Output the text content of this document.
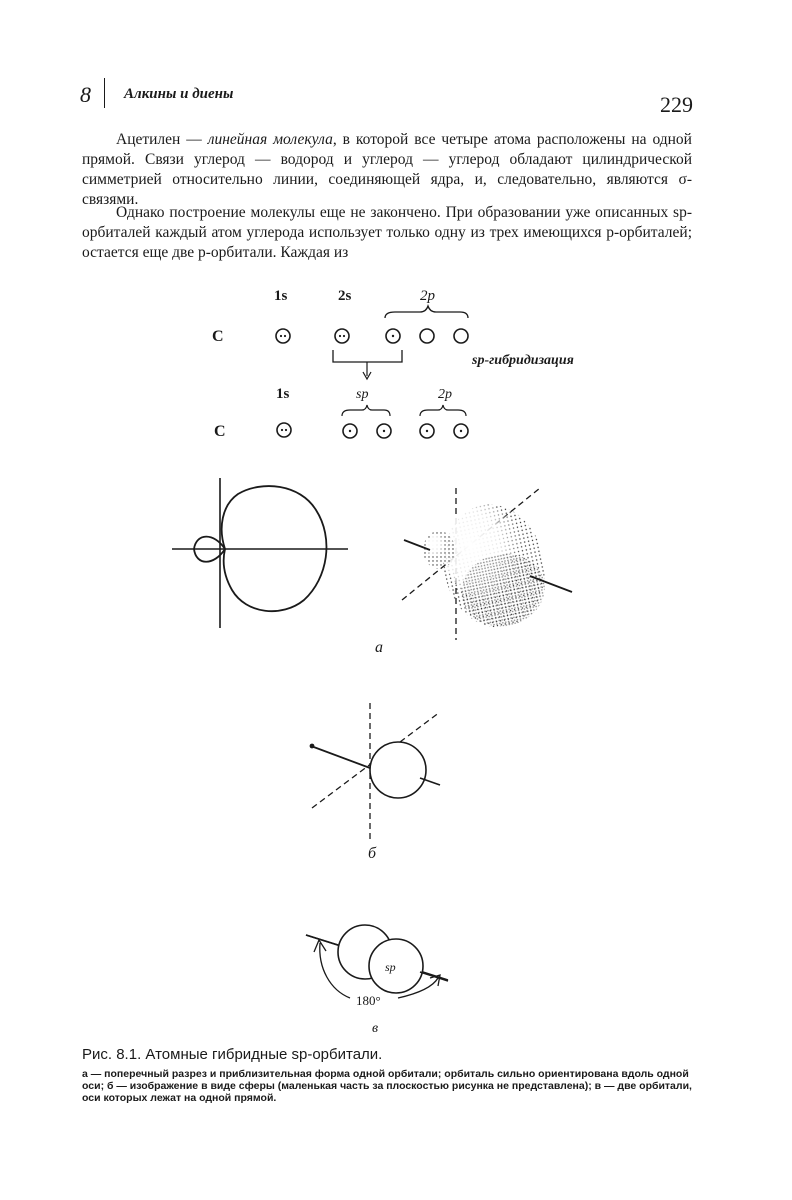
8 Алкины и диены	229

Ацетилен — линейная молекула, в которой все четыре атома расположены на одной прямой. Связи углерод — водород и углерод — углерод обладают цилиндрической симметрией относительно линии, соединяющей ядра, и, следовательно, являются σ-связями.

Однако построение молекулы еще не закончено. При образовании уже описанных sp-орбиталей каждый атом углерода использует только одну из трех имеющихся p-орбиталей; остается еще две p-орбитали. Каждая из

1s	2s	2p
C
sp-гибридизация
1s	sp	2p
C
а
б
sp
180°
в
Рис. 8.1. Атомные гибридные sp-орбитали.
а — поперечный разрез и приблизительная форма одной орбитали; орбиталь сильно ориентирована вдоль одной оси; б — изображение в виде сферы (маленькая часть за плоскостью рисунка не представлена); в — две орбитали, оси которых лежат на одной прямой.
